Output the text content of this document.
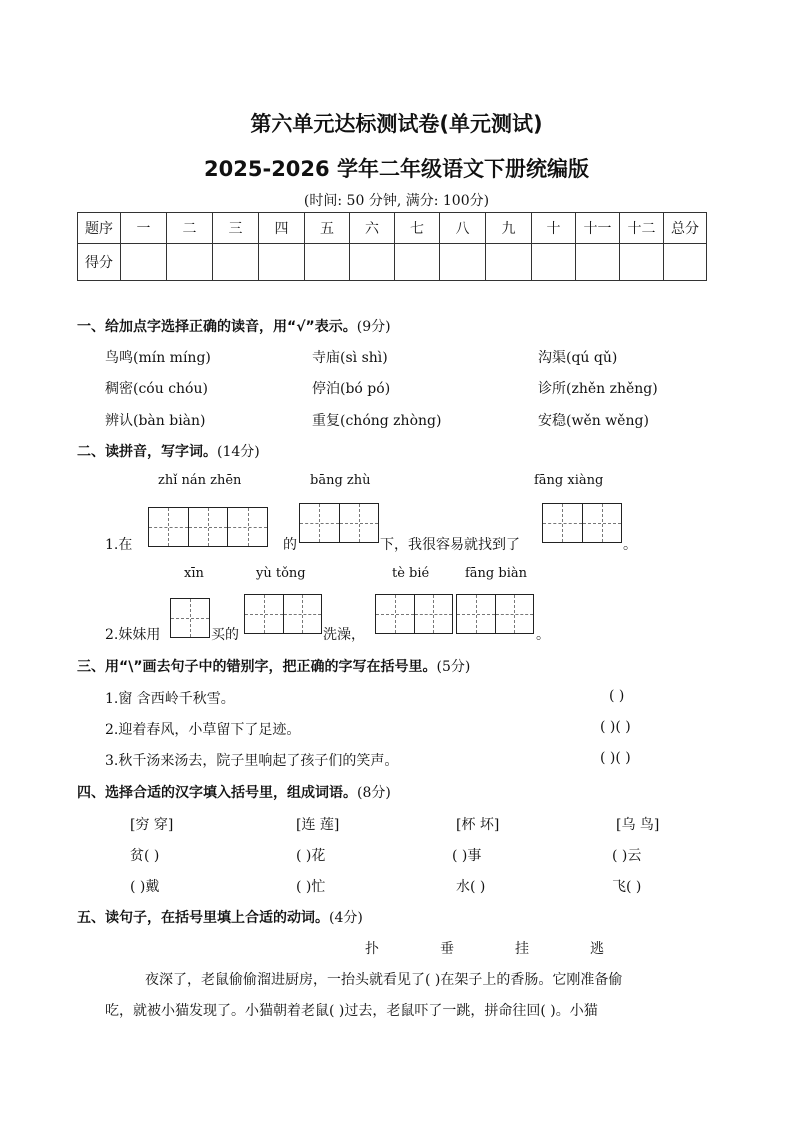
第六单元达标测试卷(单元测试)
2025-2026 学年二年级语文下册统编版
(时间: 50 分钟, 满分: 100分)
题序	一	二	三	四	五	六	七	八	九	十	十一	十二	总分
得分													
一、给加点字选择正确的读音，用“√”表示。(9分)
鸟鸣(mín míng)	寺庙(sì shì)	沟渠(qú qǔ)
稠密(cóu chóu)	停泊(bó pó)	诊所(zhěn zhěng)
辨认(bàn biàn)	重复(chóng zhòng)	安稳(wěn wěng)
二、读拼音，写字词。(14分)
zhǐ nán zhēn	bāng zhù	fāng xiàng
1.在	的	下，我很容易就找到了	。
xīn	yù tǒng	tè bié	fāng biàn
2.妹妹用	买的	洗澡，	。
三、用“\”画去句子中的错别字，把正确的字写在括号里。(5分)
1.窗 含西岭千秋雪。	( )
2.迎着春风，小草留下了足迹。	( )( )
3.秋千汤来汤去，院子里响起了孩子们的笑声。	( )( )
四、选择合适的汉字填入括号里，组成词语。(8分)
[穷 穿]	[连 莲]	[杯 坏]	[乌 鸟]
贫( )	( )花	( )事	( )云
( )戴	( )忙	水( )	飞( )
五、读句子，在括号里填上合适的动词。(4分)
扑	垂	挂	逃
夜深了，老鼠偷偷溜进厨房，一抬头就看见了( )在架子上的香肠。它刚准备偷
吃，就被小猫发现了。小猫朝着老鼠( )过去，老鼠吓了一跳，拼命往回( )。小猫
